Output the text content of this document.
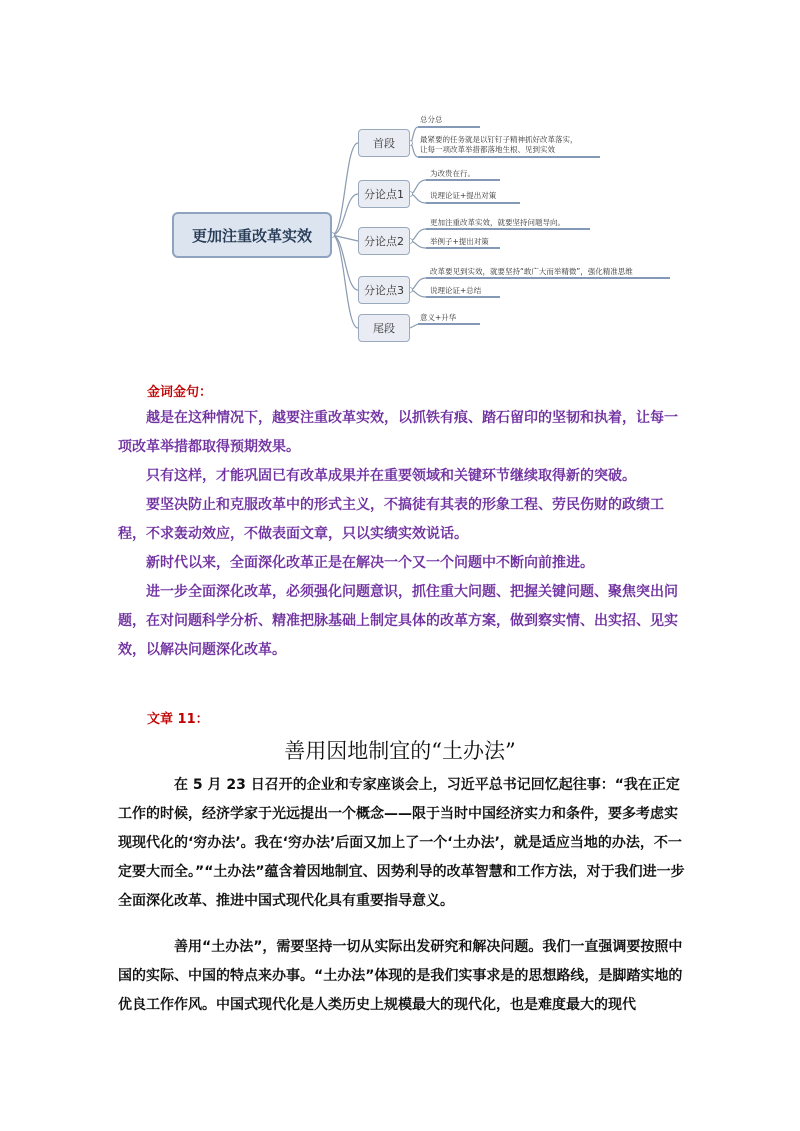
更加注重改革实效
首段
分论点1
分论点2
分论点3
尾段
总分总
最紧要的任务就是以钉钉子精神抓好改革落实，
让每一项改革举措都落地生根、见到实效
为改贵在行。
说理论证+提出对策
更加注重改革实效，就要坚持问题导向。
举例子+提出对策
改革要见到实效，就要坚持“敢广大而举精微”，强化精准思维
说理论证+总结
意义+升华
金词金句：

越是在这种情况下，越要注重改革实效，以抓铁有痕、踏石留印的坚韧和执着，让每一项改革举措都取得预期效果。

只有这样，才能巩固已有改革成果并在重要领域和关键环节继续取得新的突破。

要坚决防止和克服改革中的形式主义，不搞徒有其表的形象工程、劳民伤财的政绩工程，不求轰动效应，不做表面文章，只以实绩实效说话。

新时代以来，全面深化改革正是在解决一个又一个问题中不断向前推进。

进一步全面深化改革，必须强化问题意识，抓住重大问题、把握关键问题、聚焦突出问题，在对问题科学分析、精准把脉基础上制定具体的改革方案，做到察实情、出实招、见实效，以解决问题深化改革。

文章 11：
善用因地制宜的“土办法”

在 5 月 23 日召开的企业和专家座谈会上，习近平总书记回忆起往事：“我在正定工作的时候，经济学家于光远提出一个概念——限于当时中国经济实力和条件，要多考虑实现现代化的‘穷办法’。我在‘穷办法’后面又加上了一个‘土办法’，就是适应当地的办法，不一定要大而全。”“土办法”蕴含着因地制宜、因势利导的改革智慧和工作方法，对于我们进一步全面深化改革、推进中国式现代化具有重要指导意义。

善用“土办法”，需要坚持一切从实际出发研究和解决问题。我们一直强调要按照中国的实际、中国的特点来办事。“土办法”体现的是我们实事求是的思想路线，是脚踏实地的优良工作作风。中国式现代化是人类历史上规模最大的现代化，也是难度最大的现代
